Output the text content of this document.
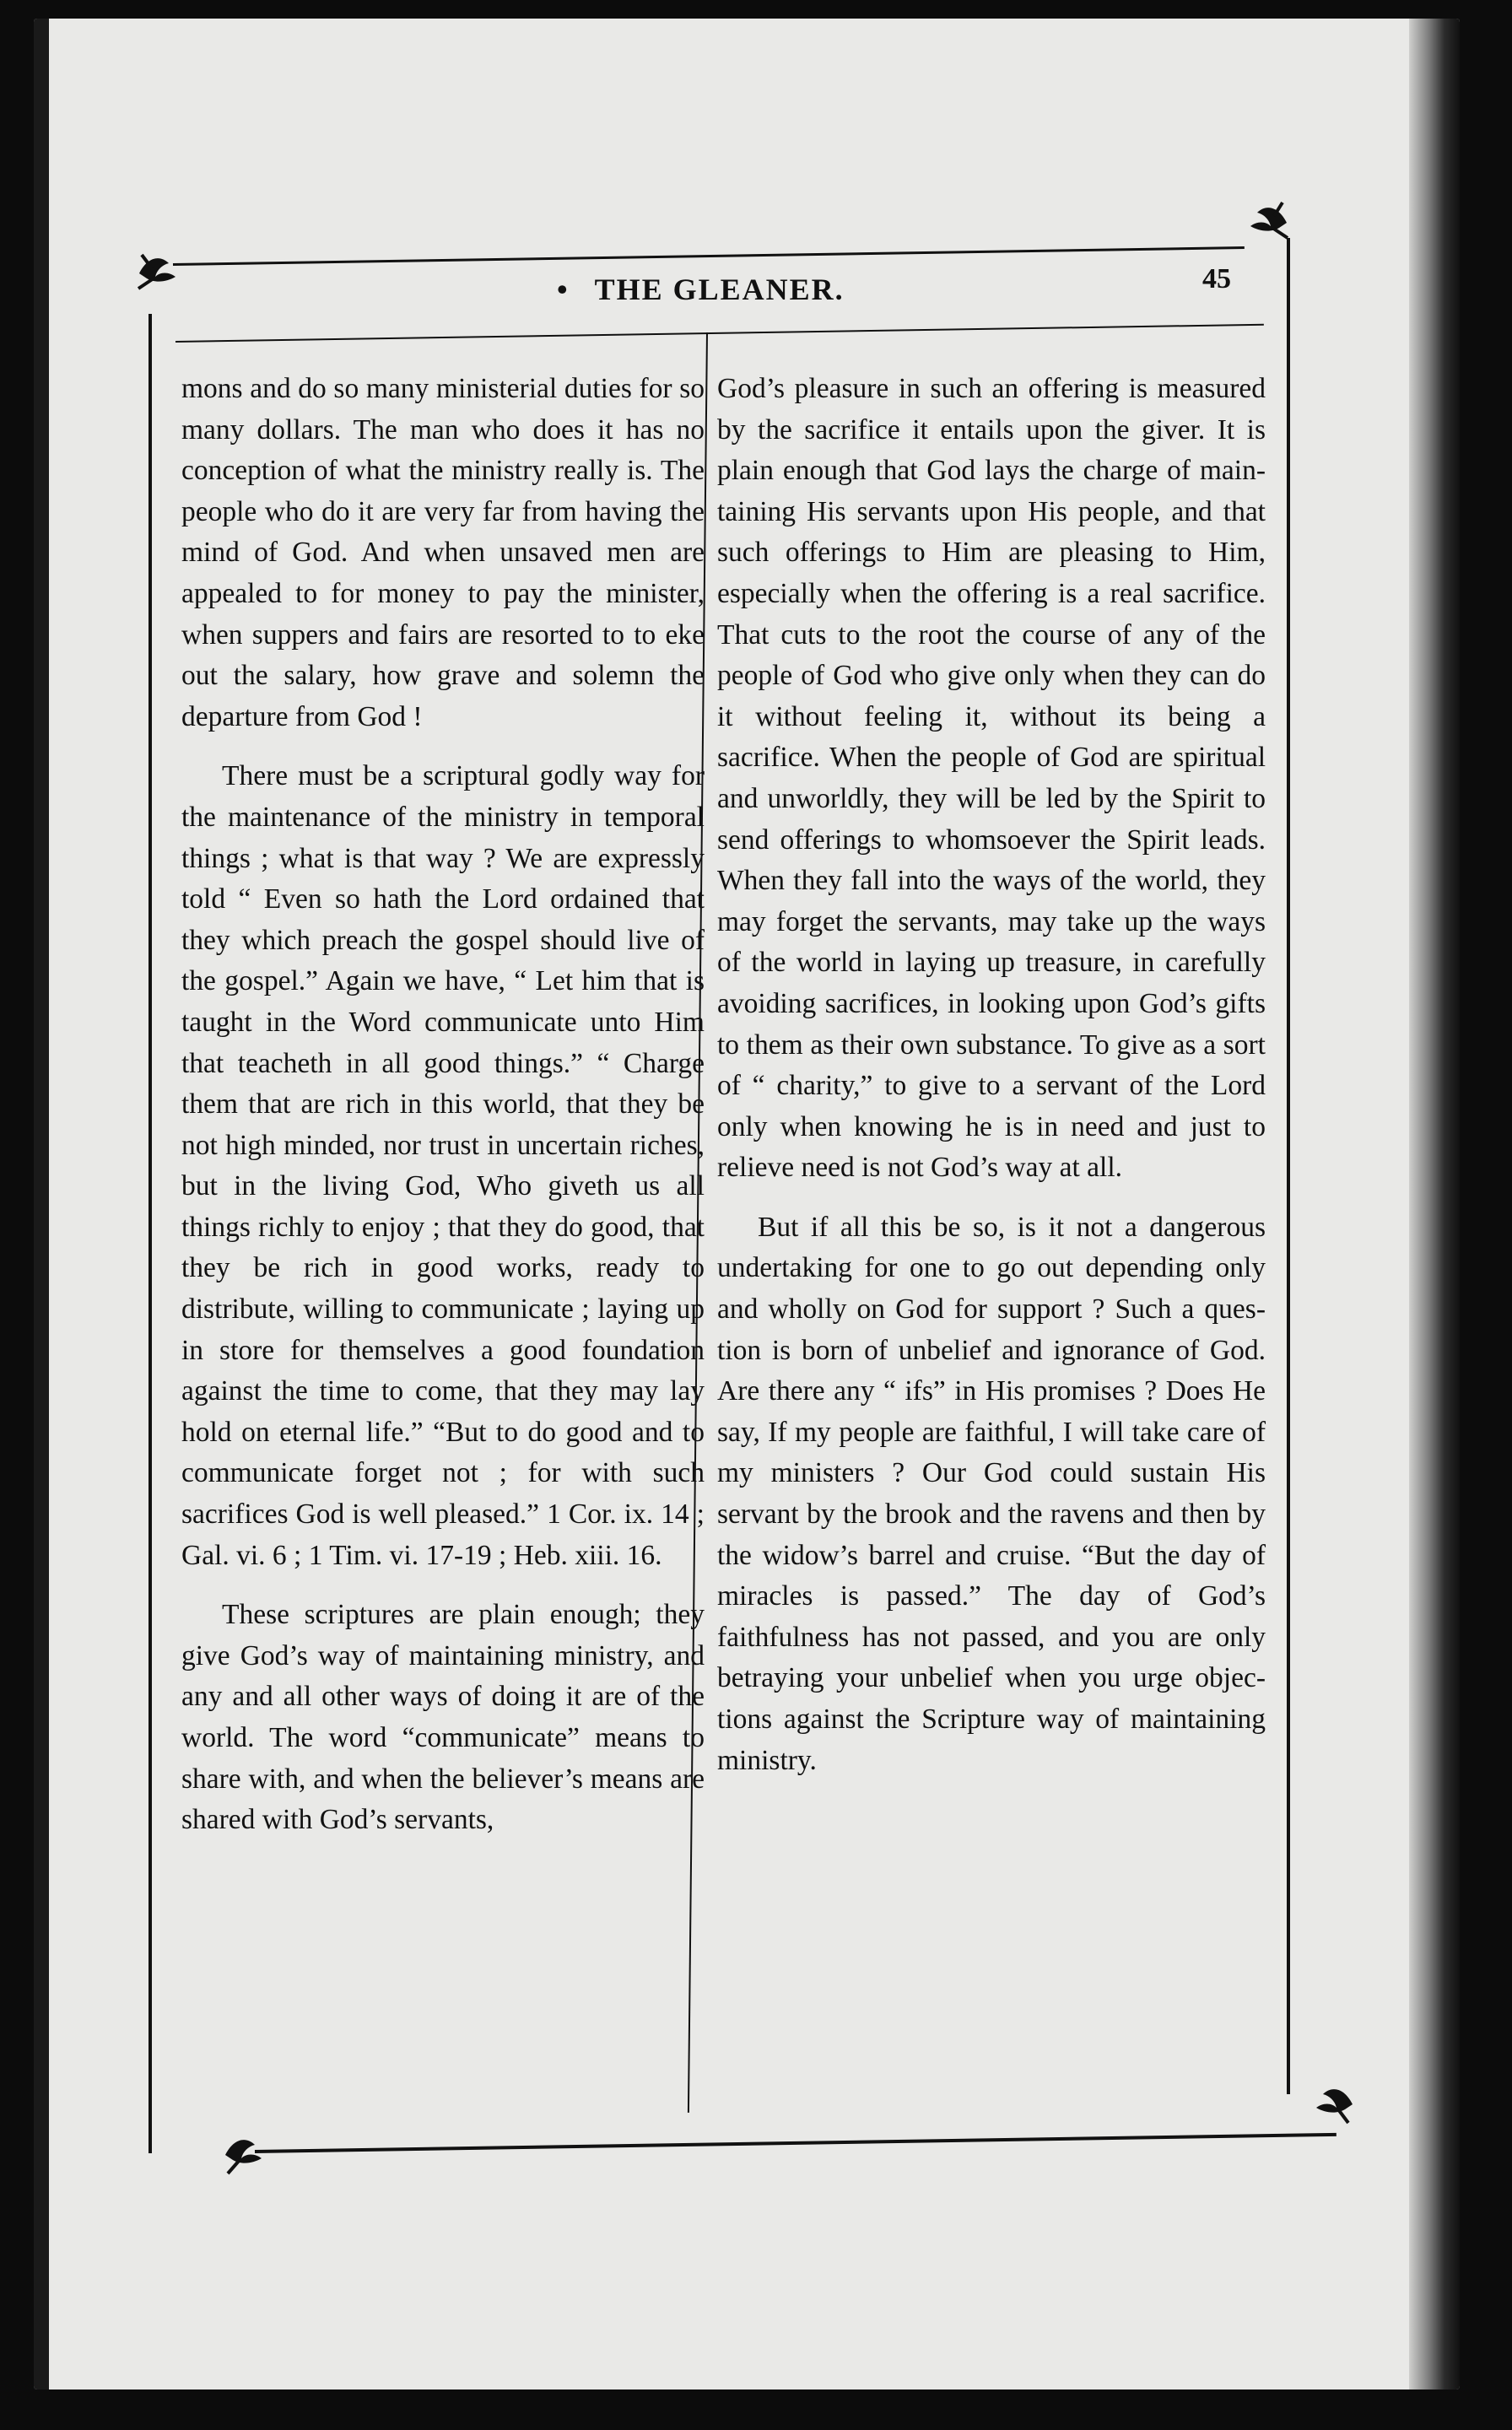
• THE GLEANER.	45

mons and do so many ministerial duties for so many dollars. The man who does it has no conception of what the ministry really is. The people who do it are very far from having the mind of God. And when unsaved men are appealed to for money to pay the minister, when suppers and fairs are resorted to to eke out the salary, how grave and solemn the departure from God !

There must be a scriptural godly way for the maintenance of the ministry in temporal things ; what is that way ? We are expressly told “ Even so hath the Lord ordained that they which preach the gospel should live of the gospel.” Again we have, “ Let him that is taught in the Word communicate unto Him that teacheth in all good things.” “ Charge them that are rich in this world, that they be not high minded, nor trust in uncertain riches, but in the living God, Who giveth us all things richly to enjoy ; that they do good, that they be rich in good works, ready to distribute, willing to communicate ; laying up in store for themselves a good foundation against the time to come, that they may lay hold on eternal life.” “But to do good and to communicate forget not ; for with such sacrifices God is well pleased.” 1 Cor. ix. 14 ; Gal. vi. 6 ; 1 Tim. vi. 17-19 ; Heb. xiii. 16.

These scriptures are plain enough; they give God’s way of maintaining ministry, and any and all other ways of doing it are of the world. The word “communicate” means to share with, and when the believer’s means are shared with God’s servants,

God’s pleasure in such an offering is measured by the sacrifice it entails upon the giver. It is plain enough that God lays the charge of maintaining His servants upon His people, and that such offerings to Him are pleasing to Him, especially when the offering is a real sacrifice. That cuts to the root the course of any of the people of God who give only when they can do it without feeling it, without its being a sacrifice. When the people of God are spiritual and unworldly, they will be led by the Spirit to send offerings to whomsoever the Spirit leads. When they fall into the ways of the world, they may forget the servants, may take up the ways of the world in laying up treasure, in carefully avoiding sacrifices, in looking upon God’s gifts to them as their own substance. To give as a sort of “ charity,” to give to a servant of the Lord only when knowing he is in need and just to relieve need is not God’s way at all.

But if all this be so, is it not a dangerous undertaking for one to go out depending only and wholly on God for support ? Such a question is born of unbelief and ignorance of God. Are there any “ ifs” in His promises ? Does He say, If my people are faithful, I will take care of my ministers ? Our God could sustain His servant by the brook and the ravens and then by the widow’s barrel and cruise. “But the day of miracles is passed.” The day of God’s faithfulness has not passed, and you are only betraying your unbelief when you urge objections against the Scripture way of maintaining ministry.
